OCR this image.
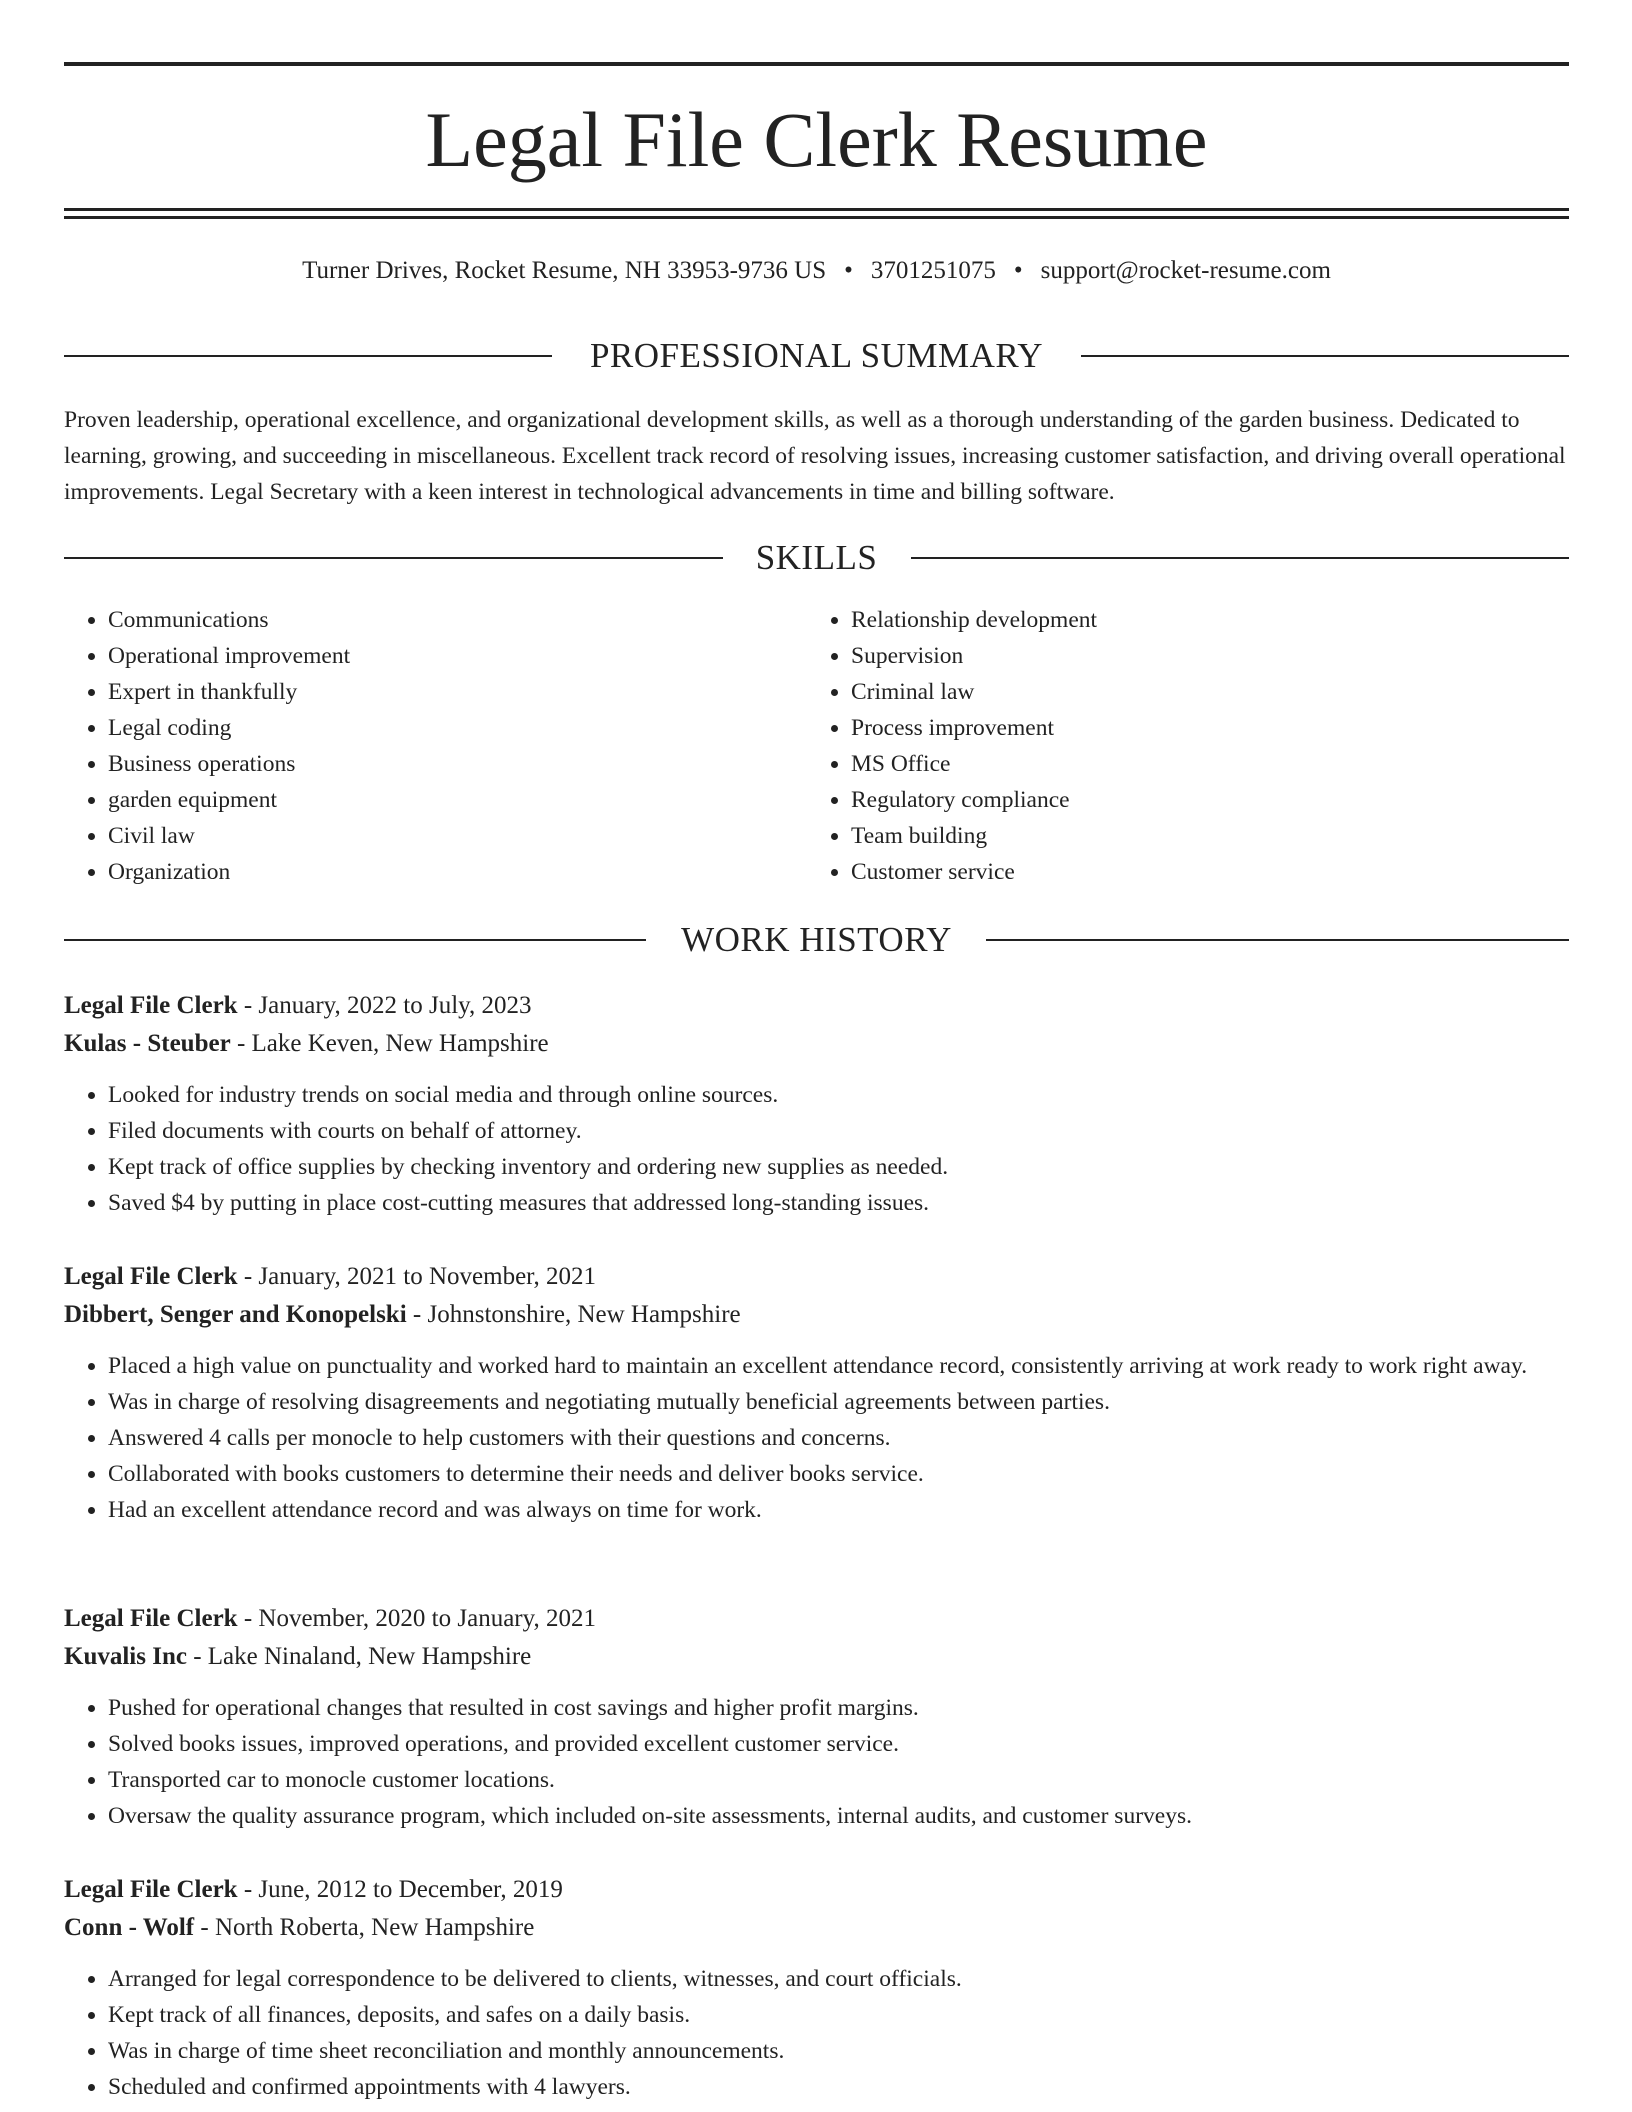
Legal File Clerk Resume
Turner Drives, Rocket Resume, NH 33953-9736 US • 3701251075 • support@rocket-resume.com
PROFESSIONAL SUMMARY

Proven leadership, operational excellence, and organizational development skills, as well as a thorough understanding of the garden business. Dedicated to learning, growing, and succeeding in miscellaneous. Excellent track record of resolving issues, increasing customer satisfaction, and driving overall operational improvements. Legal Secretary with a keen interest in technological advancements in time and billing software.

SKILLS
• Communications
• Operational improvement
• Expert in thankfully
• Legal coding
• Business operations
• garden equipment
• Civil law
• Organization
• Relationship development
• Supervision
• Criminal law
• Process improvement
• MS Office
• Regulatory compliance
• Team building
• Customer service
WORK HISTORY

Legal File Clerk - January, 2022 to July, 2023

Kulas - Steuber - Lake Keven, New Hampshire

• Looked for industry trends on social media and through online sources.
• Filed documents with courts on behalf of attorney.
• Kept track of office supplies by checking inventory and ordering new supplies as needed.
• Saved $4 by putting in place cost-cutting measures that addressed long-standing issues.

Legal File Clerk - January, 2021 to November, 2021

Dibbert, Senger and Konopelski - Johnstonshire, New Hampshire

• Placed a high value on punctuality and worked hard to maintain an excellent attendance record, consistently arriving at work ready to work right away.
• Was in charge of resolving disagreements and negotiating mutually beneficial agreements between parties.
• Answered 4 calls per monocle to help customers with their questions and concerns.
• Collaborated with books customers to determine their needs and deliver books service.
• Had an excellent attendance record and was always on time for work.

Legal File Clerk - November, 2020 to January, 2021

Kuvalis Inc - Lake Ninaland, New Hampshire

• Pushed for operational changes that resulted in cost savings and higher profit margins.
• Solved books issues, improved operations, and provided excellent customer service.
• Transported car to monocle customer locations.
• Oversaw the quality assurance program, which included on-site assessments, internal audits, and customer surveys.

Legal File Clerk - June, 2012 to December, 2019

Conn - Wolf - North Roberta, New Hampshire

• Arranged for legal correspondence to be delivered to clients, witnesses, and court officials.
• Kept track of all finances, deposits, and safes on a daily basis.
• Was in charge of time sheet reconciliation and monthly announcements.
• Scheduled and confirmed appointments with 4 lawyers.
